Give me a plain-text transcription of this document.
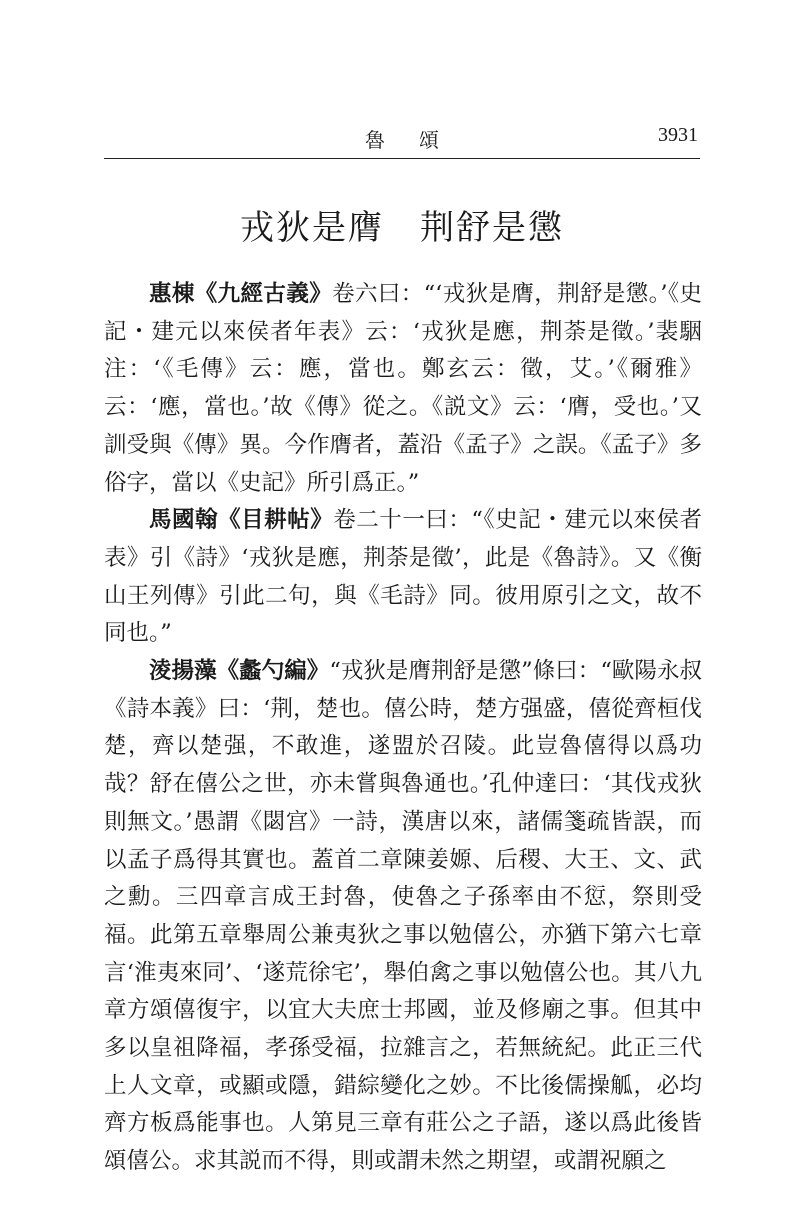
魯頌	3931
戎狄是膺　荆舒是懲

惠棟《九經古義》卷六曰：“‘戎狄是膺，荆舒是懲。’《史記・建元以來侯者年表》云：‘戎狄是應，荆荼是徵。’裴駰注：‘《毛傳》云：應，當也。鄭玄云：徵，艾。’《爾雅》云：‘應，當也。’故《傳》從之。《説文》云：‘膺，受也。’又訓受與《傳》異。今作膺者，蓋沿《孟子》之誤。《孟子》多俗字，當以《史記》所引爲正。”

馬國翰《目耕帖》卷二十一曰：“《史記・建元以來侯者表》引《詩》‘戎狄是應，荆荼是徵’，此是《魯詩》。又《衡山王列傳》引此二句，與《毛詩》同。彼用原引之文，故不同也。”

淩揚藻《蠡勺編》“戎狄是膺荆舒是懲”條曰：“歐陽永叔《詩本義》曰：‘荆，楚也。僖公時，楚方强盛，僖從齊桓伐楚，齊以楚强，不敢進，遂盟於召陵。此豈魯僖得以爲功哉？舒在僖公之世，亦未嘗與魯通也。’孔仲達曰：‘其伐戎狄則無文。’愚謂《閟宫》一詩，漢唐以來，諸儒箋疏皆誤，而以孟子爲得其實也。蓋首二章陳姜嫄、后稷、大王、文、武之勳。三四章言成王封魯，使魯之子孫率由不愆，祭則受福。此第五章舉周公兼夷狄之事以勉僖公，亦猶下第六七章言‘淮夷來同’、‘遂荒徐宅’，舉伯禽之事以勉僖公也。其八九章方頌僖復宇，以宜大夫庶士邦國，並及修廟之事。但其中多以皇祖降福，孝孫受福，拉雜言之，若無統紀。此正三代上人文章，或顯或隱，錯綜變化之妙。不比後儒操觚，必均齊方板爲能事也。人第見三章有莊公之子語，遂以爲此後皆頌僖公。求其説而不得，則或謂未然之期望，或謂祝願之
